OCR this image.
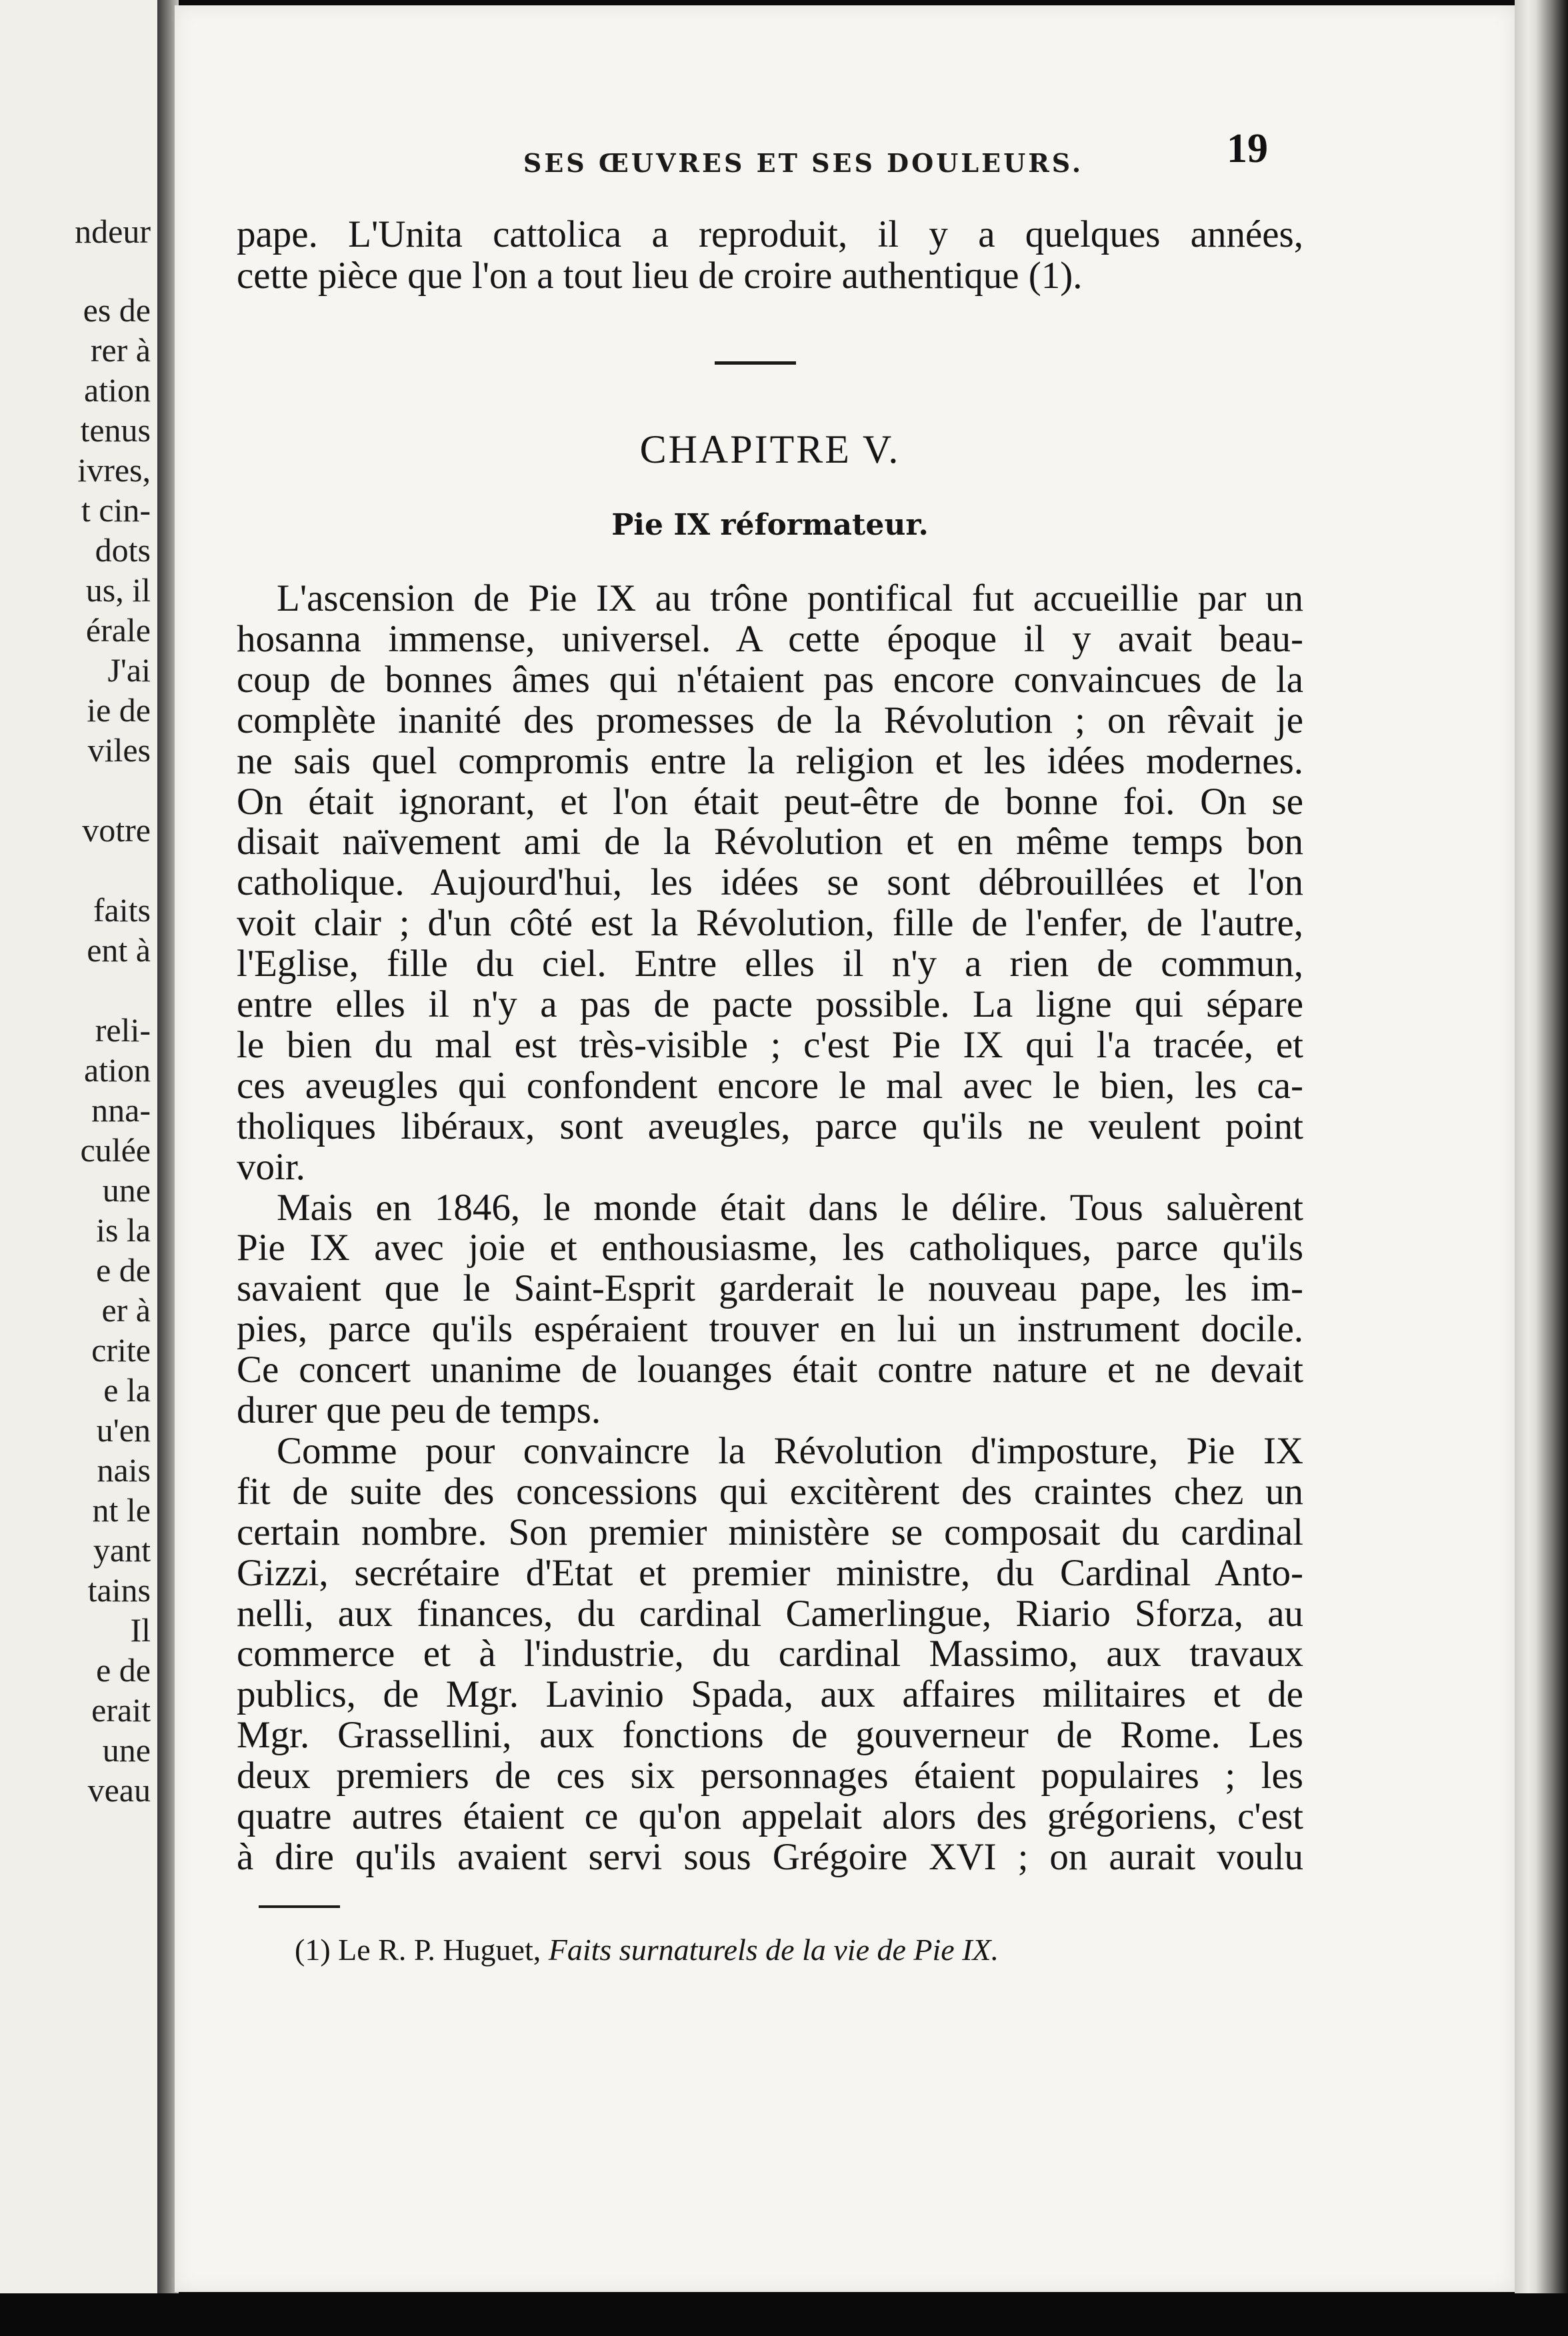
ndeur
es de
rer à
ation
tenus
ivres,
t cin-
dots
us, il
érale
J'ai
ie de
viles
votre
faits
ent à
reli-
ation
nna-
culée
une
is la
e de
er à
crite
e la
u'en
nais
nt le
yant
tains
Il
e de
erait
une
veau
SES ŒUVRES ET SES DOULEURS.	19
pape. L'Unita cattolica a reproduit, il y a quelques années,
cette pièce que l'on a tout lieu de croire authentique (1).
CHAPITRE V.
Pie IX réformateur.
L'ascension de Pie IX au trône pontifical fut accueillie par un
hosanna immense, universel. A cette époque il y avait beau-
coup de bonnes âmes qui n'étaient pas encore convaincues de la
complète inanité des promesses de la Révolution ; on rêvait je
ne sais quel compromis entre la religion et les idées modernes.
On était ignorant, et l'on était peut-être de bonne foi. On se
disait naïvement ami de la Révolution et en même temps bon
catholique. Aujourd'hui, les idées se sont débrouillées et l'on
voit clair ; d'un côté est la Révolution, fille de l'enfer, de l'autre,
l'Eglise, fille du ciel. Entre elles il n'y a rien de commun,
entre elles il n'y a pas de pacte possible. La ligne qui sépare
le bien du mal est très-visible ; c'est Pie IX qui l'a tracée, et
ces aveugles qui confondent encore le mal avec le bien, les ca-
tholiques libéraux, sont aveugles, parce qu'ils ne veulent point
voir.
Mais en 1846, le monde était dans le délire. Tous saluèrent
Pie IX avec joie et enthousiasme, les catholiques, parce qu'ils
savaient que le Saint-Esprit garderait le nouveau pape, les im-
pies, parce qu'ils espéraient trouver en lui un instrument docile.
Ce concert unanime de louanges était contre nature et ne devait
durer que peu de temps.
Comme pour convaincre la Révolution d'imposture, Pie IX
fit de suite des concessions qui excitèrent des craintes chez un
certain nombre. Son premier ministère se composait du cardinal
Gizzi, secrétaire d'Etat et premier ministre, du Cardinal Anto-
nelli, aux finances, du cardinal Camerlingue, Riario Sforza, au
commerce et à l'industrie, du cardinal Massimo, aux travaux
publics, de Mgr. Lavinio Spada, aux affaires militaires et de
Mgr. Grassellini, aux fonctions de gouverneur de Rome. Les
deux premiers de ces six personnages étaient populaires ; les
quatre autres étaient ce qu'on appelait alors des grégoriens, c'est
à dire qu'ils avaient servi sous Grégoire XVI ; on aurait voulu
(1) Le R. P. Huguet, Faits surnaturels de la vie de Pie IX.
